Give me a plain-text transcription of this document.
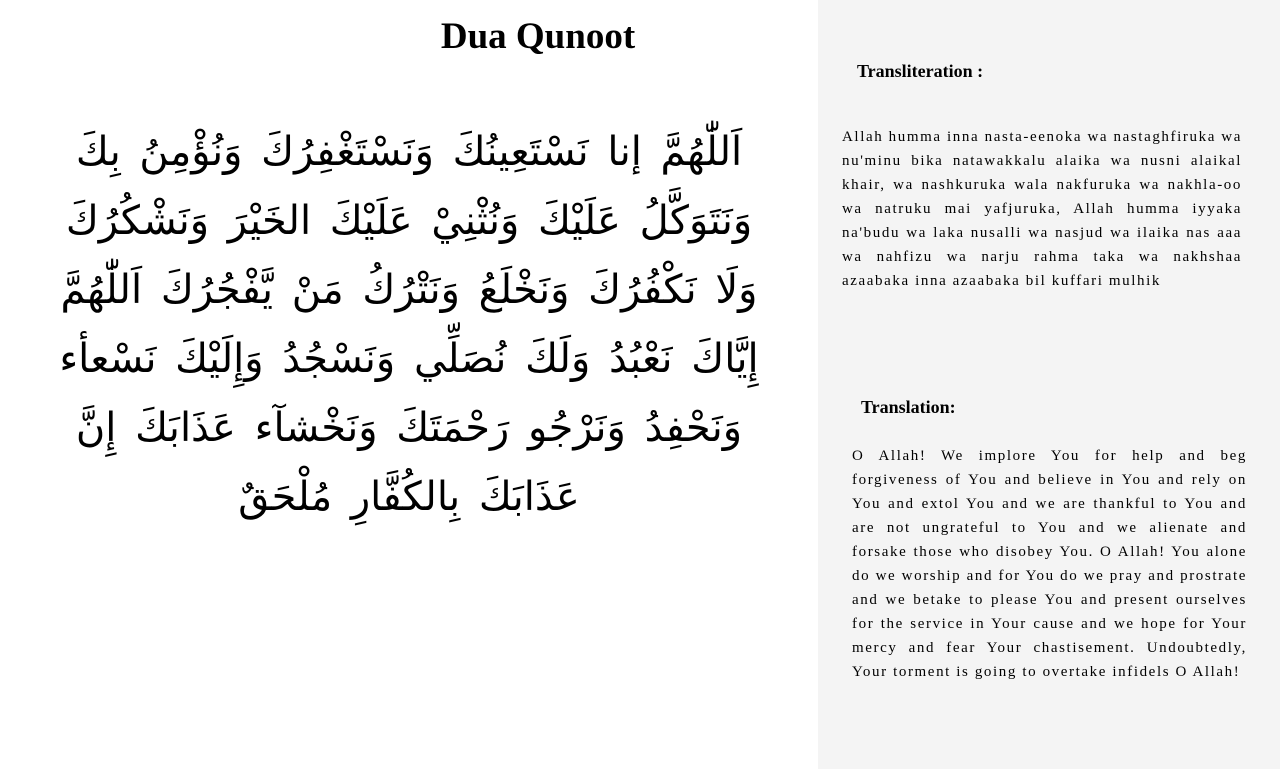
Dua Qunoot

اَللّٰهُمَّ إنا نَسْتَعِينُكَ وَنَسْتَغْفِرُكَ وَنُؤْمِنُ بِكَ وَنَتَوَكَّلُ عَلَيْكَ وَنُثْنِيْ عَلَيْكَ الخَيْرَ وَنَشْكُرُكَ وَلَا نَكْفُرُكَ وَنَخْلَعُ وَنَتْرُكُ مَنْ يَّفْجُرُكَ اَللّٰهُمَّ إِيَّاكَ نَعْبُدُ وَلَكَ نُصَلِّي وَنَسْجُدُ وَإِلَيْكَ نَسْعأء وَنَحْفِدُ وَنَرْجُو رَحْمَتَكَ وَنَخْشآء عَذَابَكَ إِنَّ عَذَابَكَ بِالكُفَّارِ مُلْحَقٌ

Transliteration :

Allah humma inna nasta-eenoka wa nastaghfiruka wa nu'minu bika natawakkalu alaika wa nusni alaikal khair, wa nashkuruka wala nakfuruka wa nakhla-oo wa natruku mai yafjuruka, Allah humma iyyaka na'budu wa laka nusalli wa nasjud wa ilaika nas aaa wa nahfizu wa narju rahma taka wa nakhshaa azaabaka inna azaabaka bil kuffari mulhik

Translation:

O Allah! We implore You for help and beg forgiveness of You and believe in You and rely on You and extol You and we are thankful to You and are not ungrateful to You and we alienate and forsake those who disobey You. O Allah! You alone do we worship and for You do we pray and prostrate and we betake to please You and present ourselves for the service in Your cause and we hope for Your mercy and fear Your chastisement. Undoubtedly, Your torment is going to overtake infidels O Allah!
